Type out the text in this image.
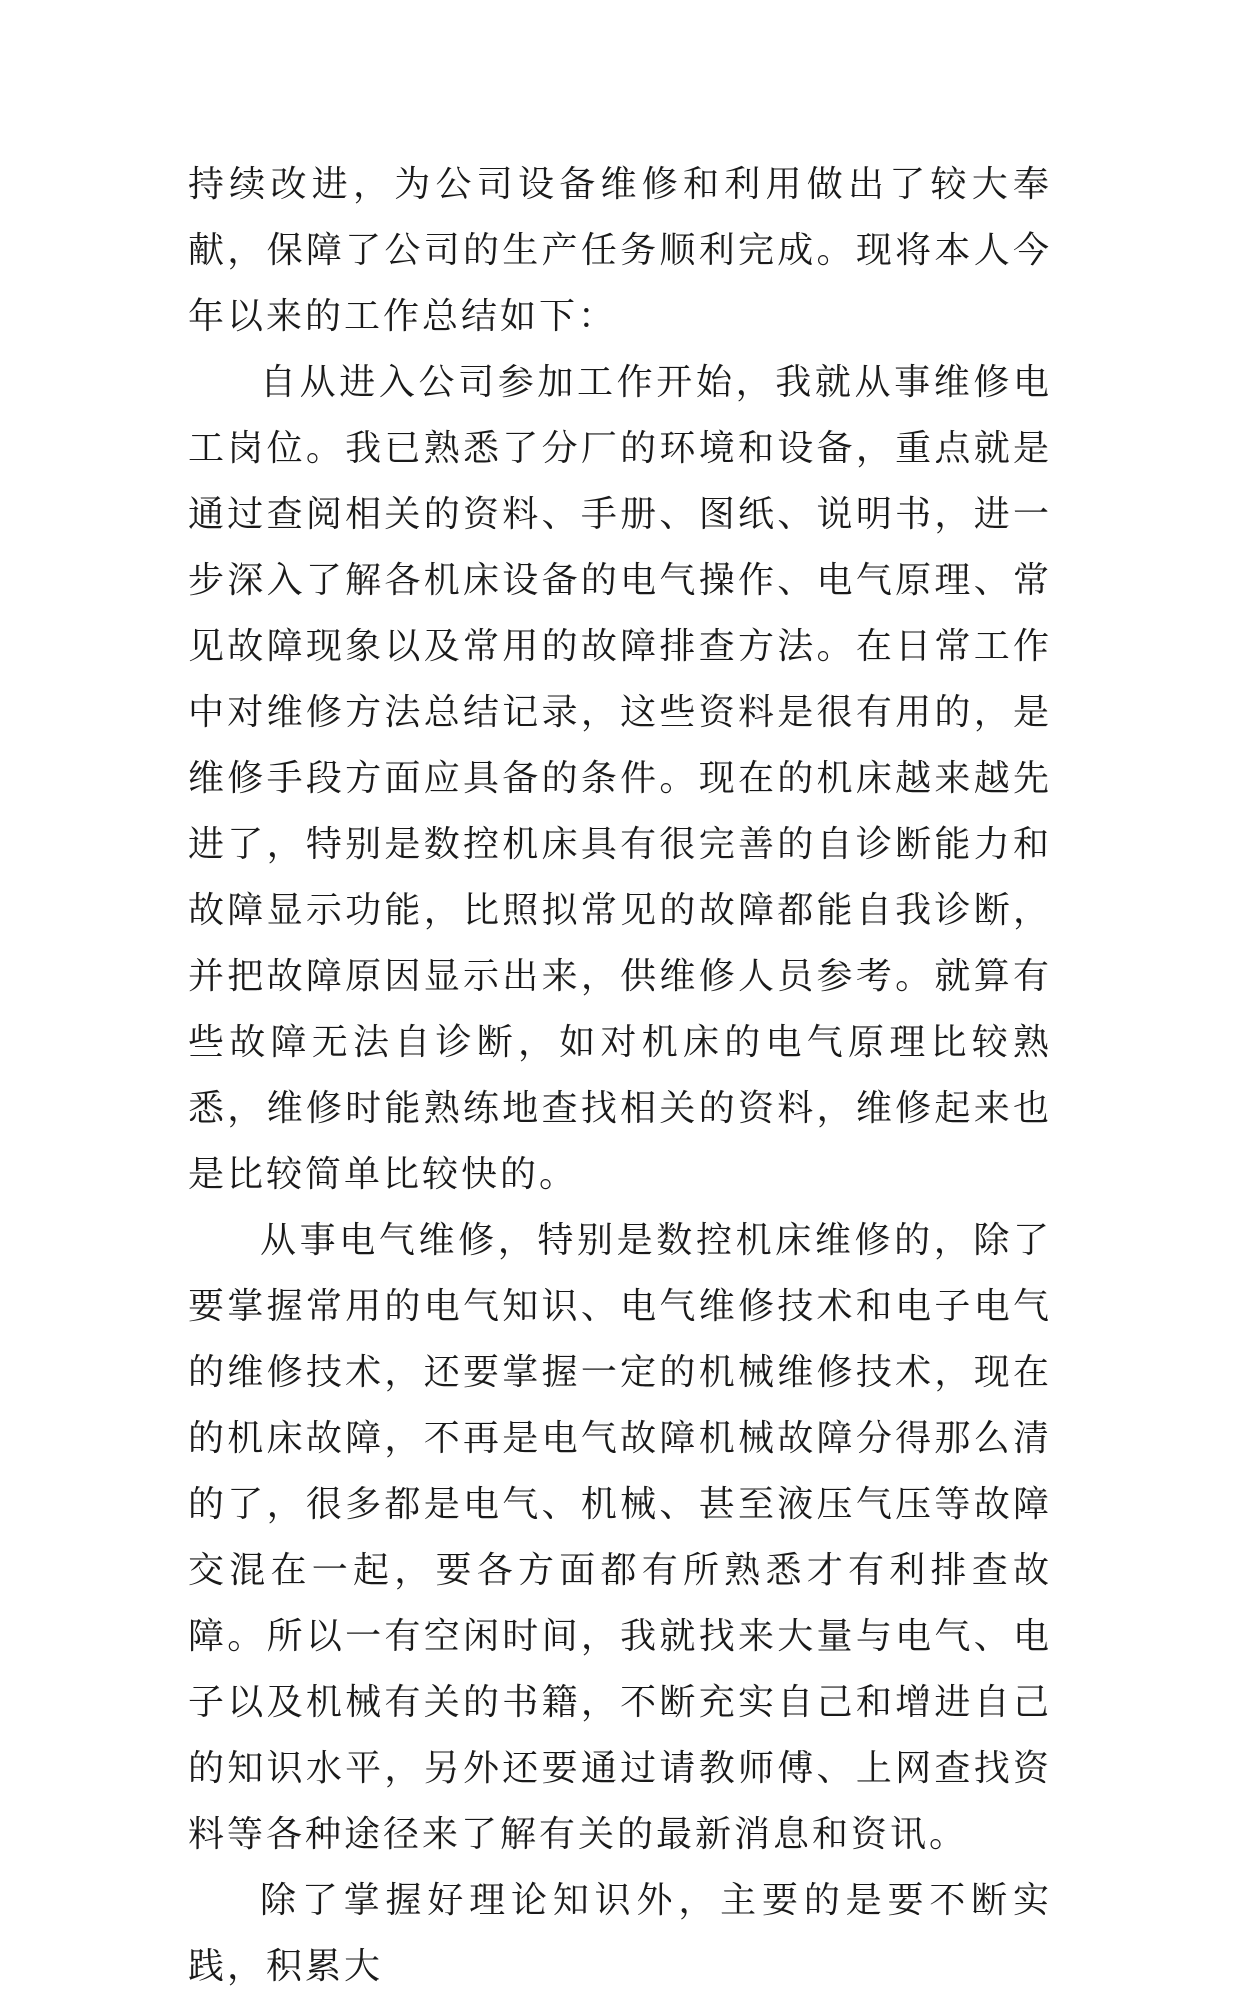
持续改进，为公司设备维修和利用做出了较大奉献，保障了公司的生产任务顺利完成。现将本人今年以来的工作总结如下：

自从进入公司参加工作开始，我就从事维修电工岗位。我已熟悉了分厂的环境和设备，重点就是通过查阅相关的资料、手册、图纸、说明书，进一步深入了解各机床设备的电气操作、电气原理、常见故障现象以及常用的故障排查方法。在日常工作中对维修方法总结记录，这些资料是很有用的，是维修手段方面应具备的条件。现在的机床越来越先进了，特别是数控机床具有很完善的自诊断能力和故障显示功能，比照拟常见的故障都能自我诊断，并把故障原因显示出来，供维修人员参考。就算有些故障无法自诊断，如对机床的电气原理比较熟悉，维修时能熟练地查找相关的资料，维修起来也是比较简单比较快的。

从事电气维修，特别是数控机床维修的，除了要掌握常用的电气知识、电气维修技术和电子电气的维修技术，还要掌握一定的机械维修技术，现在的机床故障，不再是电气故障机械故障分得那么清的了，很多都是电气、机械、甚至液压气压等故障交混在一起，要各方面都有所熟悉才有利排查故障。所以一有空闲时间，我就找来大量与电气、电子以及机械有关的书籍，不断充实自己和增进自己的知识水平，另外还要通过请教师傅、上网查找资料等各种途径来了解有关的最新消息和资讯。

除了掌握好理论知识外，主要的是要不断实践，积累大
